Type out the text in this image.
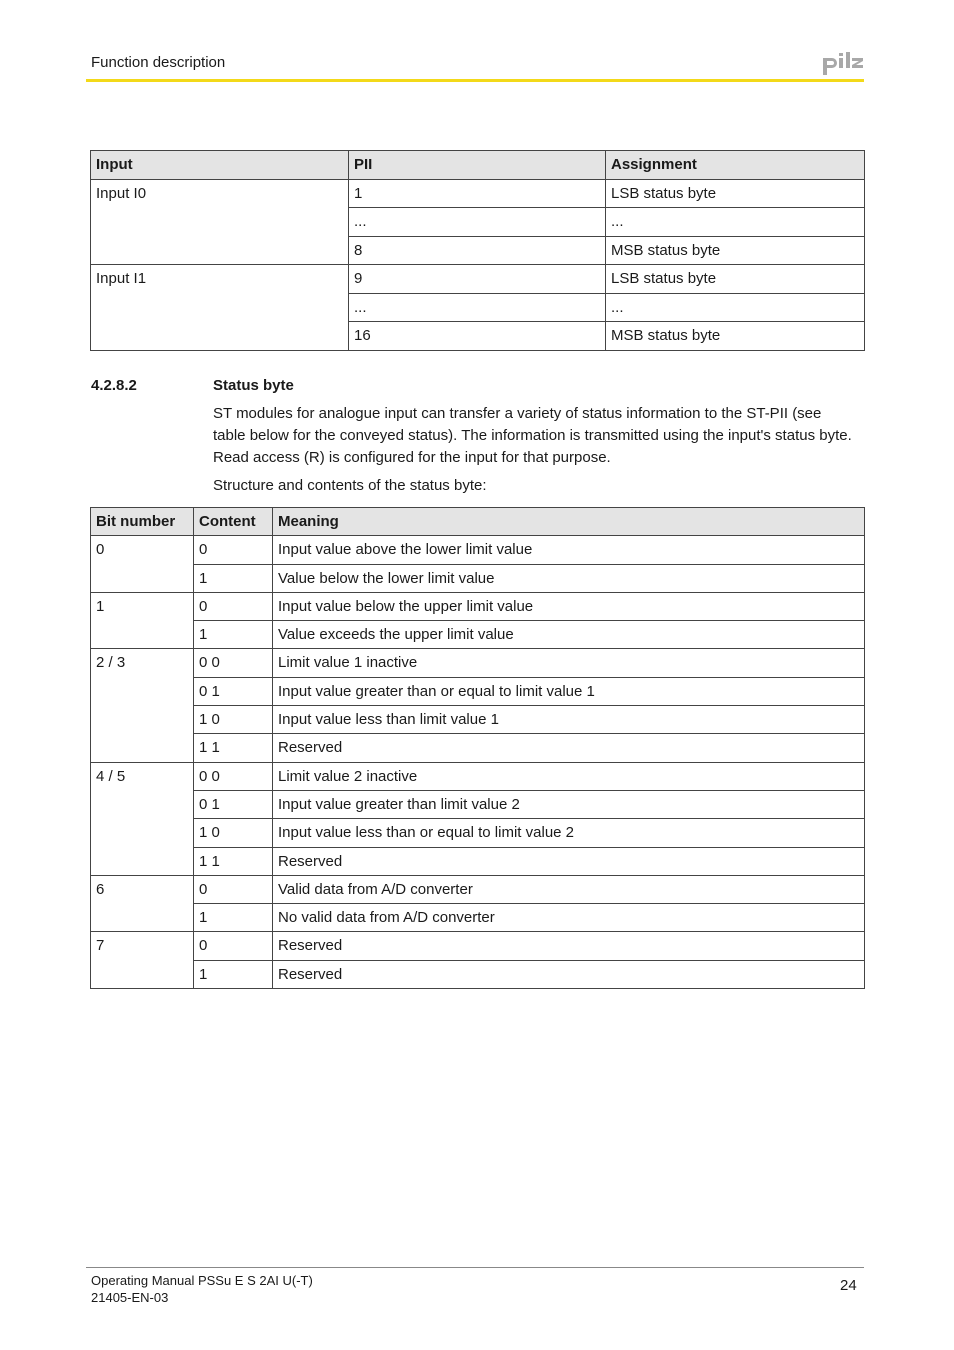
Function description
Input	PII	Assignment
Input I0	1	LSB status byte
	...	...
	8	MSB status byte
Input I1	9	LSB status byte
	...	...
	16	MSB status byte
4.2.8.2	Status byte
ST modules for analogue input can transfer a variety of status information to the ST-PII (see table below for the conveyed status). The information is transmitted using the input's status byte. Read access (R) is configured for the input for that purpose.
Structure and contents of the status byte:
Bit number	Content	Meaning
0	0	Input value above the lower limit value
	1	Value below the lower limit value
1	0	Input value below the upper limit value
	1	Value exceeds the upper limit value
2 / 3	0 0	Limit value 1 inactive
	0 1	Input value greater than or equal to limit value 1
	1 0	Input value less than limit value 1
	1 1	Reserved
4 / 5	0 0	Limit value 2 inactive
	0 1	Input value greater than limit value 2
	1 0	Input value less than or equal to limit value 2
	1 1	Reserved
6	0	Valid data from A/D converter
	1	No valid data from A/D converter
7	0	Reserved
	1	Reserved
Operating Manual PSSu E S 2AI U(-T)
21405-EN-03
24
